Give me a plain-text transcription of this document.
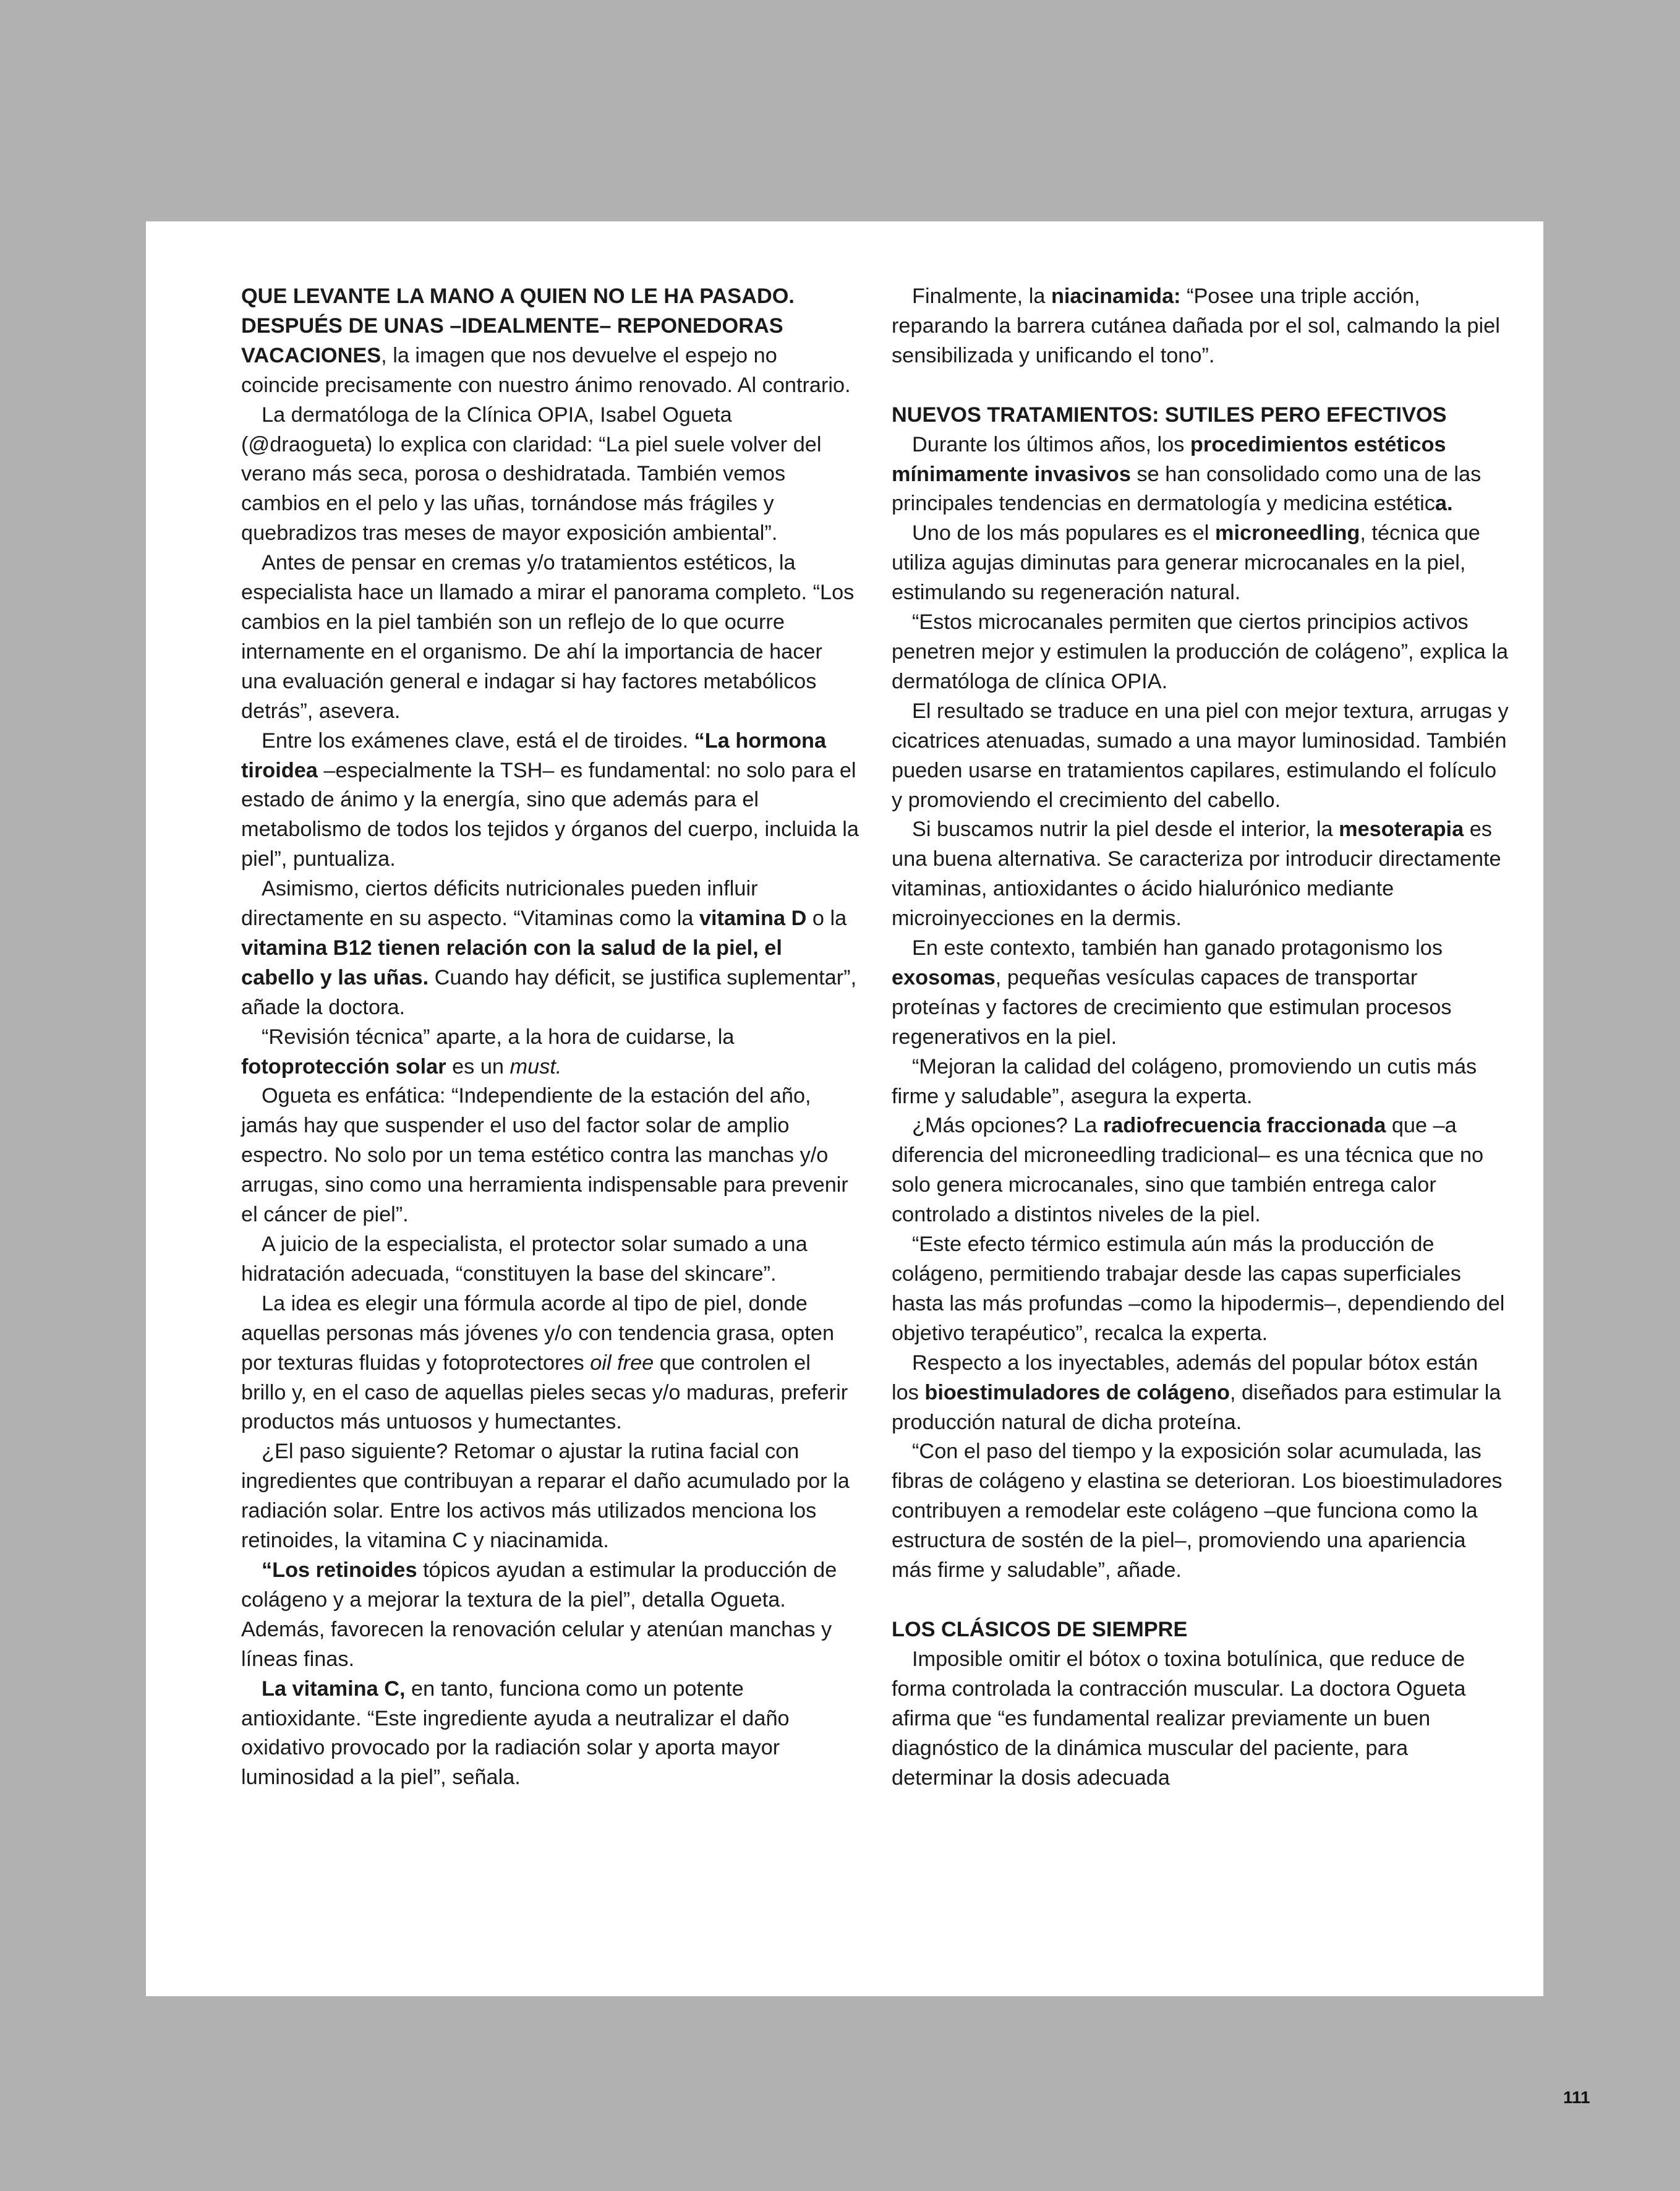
QUE LEVANTE LA MANO A QUIEN NO LE HA PASADO. DESPUÉS DE UNAS –IDEALMENTE– REPONEDORAS VACACIONES, la imagen que nos devuelve el espejo no coincide precisamente con nuestro ánimo renovado. Al contrario.

La dermatóloga de la Clínica OPIA, Isabel Ogueta (@draogueta) lo explica con claridad: “La piel suele volver del verano más seca, porosa o deshidratada. También vemos cambios en el pelo y las uñas, tornándose más frágiles y quebradizos tras meses de mayor exposición ambiental”.

Antes de pensar en cremas y/o tratamientos estéticos, la especialista hace un llamado a mirar el panorama completo. “Los cambios en la piel también son un reflejo de lo que ocurre internamente en el organismo. De ahí la importancia de hacer una evaluación general e indagar si hay factores metabólicos detrás”, asevera.

Entre los exámenes clave, está el de tiroides. “La hormona tiroidea –especialmente la TSH– es fundamental: no solo para el estado de ánimo y la energía, sino que además para el metabolismo de todos los tejidos y órganos del cuerpo, incluida la piel”, puntualiza.

Asimismo, ciertos déficits nutricionales pueden influir directamente en su aspecto. “Vitaminas como la vitamina D o la vitamina B12 tienen relación con la salud de la piel, el cabello y las uñas. Cuando hay déficit, se justifica suplementar”, añade la doctora.

“Revisión técnica” aparte, a la hora de cuidarse, la fotoprotección solar es un must.

Ogueta es enfática: “Independiente de la estación del año, jamás hay que suspender el uso del factor solar de amplio espectro. No solo por un tema estético contra las manchas y/o arrugas, sino como una herramienta indispensable para prevenir el cáncer de piel”.

A juicio de la especialista, el protector solar sumado a una hidratación adecuada, “constituyen la base del skincare”.

La idea es elegir una fórmula acorde al tipo de piel, donde aquellas personas más jóvenes y/o con tendencia grasa, opten por texturas fluidas y fotoprotectores oil free que controlen el brillo y, en el caso de aquellas pieles secas y/o maduras, preferir productos más untuosos y humectantes.

¿El paso siguiente? Retomar o ajustar la rutina facial con ingredientes que contribuyan a reparar el daño acumulado por la radiación solar. Entre los activos más utilizados menciona los retinoides, la vitamina C y niacinamida.

“Los retinoides tópicos ayudan a estimular la producción de colágeno y a mejorar la textura de la piel”, detalla Ogueta. Además, favorecen la renovación celular y atenúan manchas y líneas finas.

La vitamina C, en tanto, funciona como un potente antioxidante. “Este ingrediente ayuda a neutralizar el daño oxidativo provocado por la radiación solar y aporta mayor luminosidad a la piel”, señala.

Finalmente, la niacinamida: “Posee una triple acción, reparando la barrera cutánea dañada por el sol, calmando la piel sensibilizada y unificando el tono”.

NUEVOS TRATAMIENTOS: SUTILES PERO EFECTIVOS

Durante los últimos años, los procedimientos estéticos mínimamente invasivos se han consolidado como una de las principales tendencias en dermatología y medicina estética.

Uno de los más populares es el microneedling, técnica que utiliza agujas diminutas para generar microcanales en la piel, estimulando su regeneración natural.

“Estos microcanales permiten que ciertos principios activos penetren mejor y estimulen la producción de colágeno”, explica la dermatóloga de clínica OPIA.

El resultado se traduce en una piel con mejor textura, arrugas y cicatrices atenuadas, sumado a una mayor luminosidad. También pueden usarse en tratamientos capilares, estimulando el folículo y promoviendo el crecimiento del cabello.

Si buscamos nutrir la piel desde el interior, la mesoterapia es una buena alternativa. Se caracteriza por introducir directamente vitaminas, antioxidantes o ácido hialurónico mediante microinyecciones en la dermis.

En este contexto, también han ganado protagonismo los exosomas, pequeñas vesículas capaces de transportar proteínas y factores de crecimiento que estimulan procesos regenerativos en la piel.

“Mejoran la calidad del colágeno, promoviendo un cutis más firme y saludable”, asegura la experta.

¿Más opciones? La radiofrecuencia fraccionada que –a diferencia del microneedling tradicional– es una técnica que no solo genera microcanales, sino que también entrega calor controlado a distintos niveles de la piel.

“Este efecto térmico estimula aún más la producción de colágeno, permitiendo trabajar desde las capas superficiales hasta las más profundas –como la hipodermis–, dependiendo del objetivo terapéutico”, recalca la experta.

Respecto a los inyectables, además del popular bótox están los bioestimuladores de colágeno, diseñados para estimular la producción natural de dicha proteína.

“Con el paso del tiempo y la exposición solar acumulada, las fibras de colágeno y elastina se deterioran. Los bioestimuladores contribuyen a remodelar este colágeno –que funciona como la estructura de sostén de la piel–, promoviendo una apariencia más firme y saludable”, añade.

LOS CLÁSICOS DE SIEMPRE

Imposible omitir el bótox o toxina botulínica, que reduce de forma controlada la contracción muscular. La doctora Ogueta afirma que “es fundamental realizar previamente un buen diagnóstico de la dinámica muscular del paciente, para determinar la dosis adecuada

111
